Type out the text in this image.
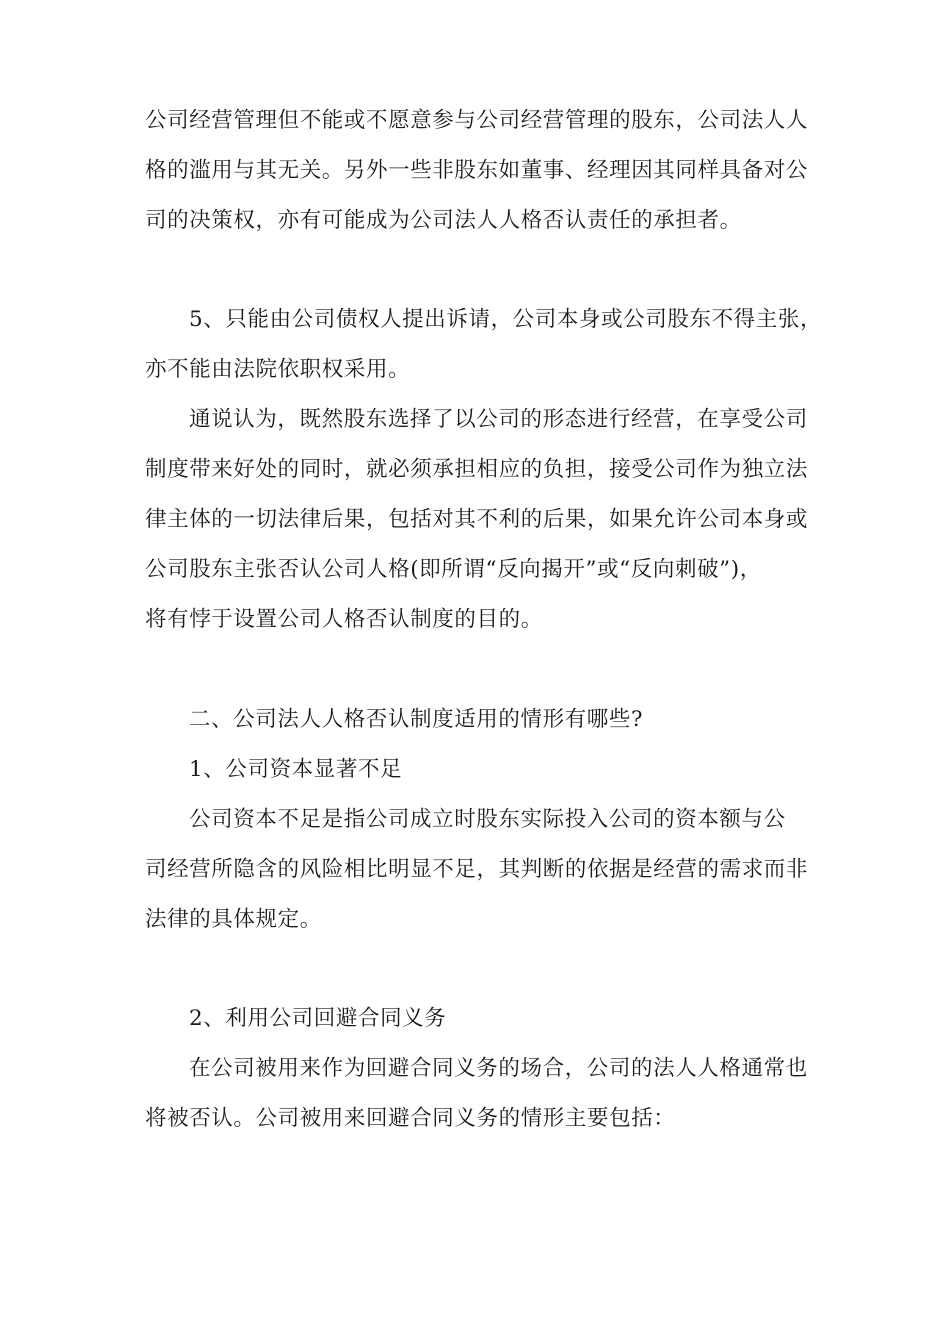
公司经营管理但不能或不愿意参与公司经营管理的股东，公司法人人
格的滥用与其无关。另外一些非股东如董事、经理因其同样具备对公
司的决策权，亦有可能成为公司法人人格否认责任的承担者。
5、只能由公司债权人提出诉请，公司本身或公司股东不得主张，
亦不能由法院依职权采用。
通说认为，既然股东选择了以公司的形态进行经营，在享受公司
制度带来好处的同时，就必须承担相应的负担，接受公司作为独立法
律主体的一切法律后果，包括对其不利的后果，如果允许公司本身或
公司股东主张否认公司人格(即所谓“反向揭开”或“反向刺破”)，
将有悖于设置公司人格否认制度的目的。
二、公司法人人格否认制度适用的情形有哪些?
1、公司资本显著不足
公司资本不足是指公司成立时股东实际投入公司的资本额与公
司经营所隐含的风险相比明显不足，其判断的依据是经营的需求而非
法律的具体规定。
2、利用公司回避合同义务
在公司被用来作为回避合同义务的场合，公司的法人人格通常也
将被否认。公司被用来回避合同义务的情形主要包括：
